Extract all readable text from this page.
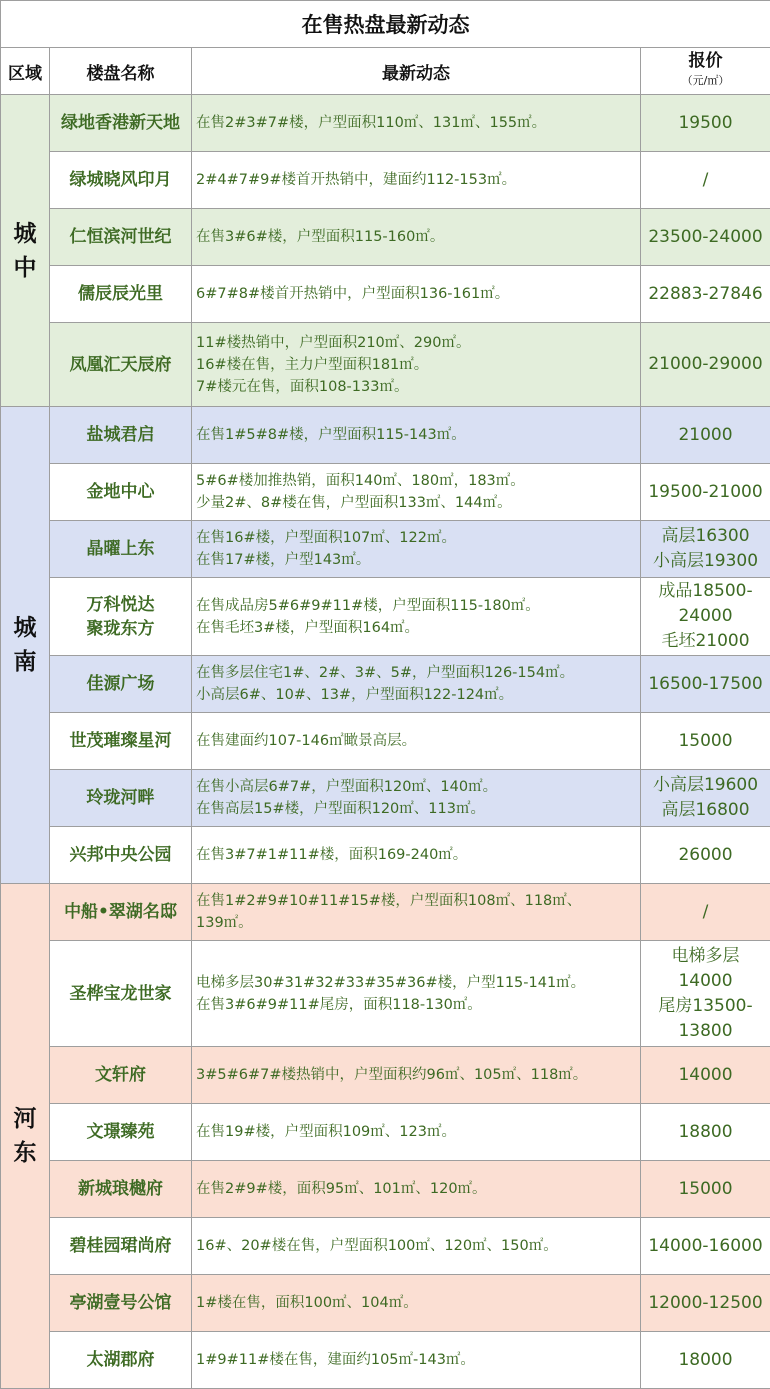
在售热盘最新动态			
区域	楼盘名称	最新动态	报价
（元/㎡）

城
中	绿地香港新天地	在售2#3#7#楼，户型面积110㎡、131㎡、155㎡。	19500

	绿城晓风印月	2#4#7#9#楼首开热销中，建面约112-153㎡。	/

	仁恒滨河世纪	在售3#6#楼，户型面积115-160㎡。	23500-24000

	儒辰辰光里	6#7#8#楼首开热销中，户型面积136-161㎡。	22883-27846

	凤凰汇天辰府	11#楼热销中，户型面积210㎡、290㎡。
16#楼在售，主力户型面积181㎡。
7#楼元在售，面积108-133㎡。	21000-29000

城
南	盐城君启	在售1#5#8#楼，户型面积115-143㎡。	21000

	金地中心	5#6#楼加推热销，面积140㎡、180㎡，183㎡。
少量2#、8#楼在售，户型面积133㎡、144㎡。	19500-21000

	晶曜上东	在售16#楼，户型面积107㎡、122㎡。
在售17#楼，户型143㎡。	高层16300
小高层19300

	万科悦达
聚珑东方	在售成品房5#6#9#11#楼，户型面积115-180㎡。
在售毛坯3#楼，户型面积164㎡。	成品18500-
24000
毛坯21000

	佳源广场	在售多层住宅1#、2#、3#、5#，户型面积126-154㎡。
小高层6#、10#、13#，户型面积122-124㎡。	16500-17500

	世茂璀璨星河	在售建面约107-146㎡瞰景高层。	15000

	玲珑河畔	在售小高层6#7#，户型面积120㎡、140㎡。
在售高层15#楼，户型面积120㎡、113㎡。	小高层19600
高层16800

	兴邦中央公园	在售3#7#1#11#楼，面积169-240㎡。	26000

河
东	中船•翠湖名邸	在售1#2#9#10#11#15#楼，户型面积108㎡、118㎡、
139㎡。	/

	圣桦宝龙世家	电梯多层30#31#32#33#35#36#楼，户型115-141㎡。
在售3#6#9#11#尾房，面积118-130㎡。	电梯多层
14000
尾房13500-
13800

	文轩府	3#5#6#7#楼热销中，户型面积约96㎡、105㎡、118㎡。	14000

	文璟臻苑	在售19#楼，户型面积109㎡、123㎡。	18800

	新城琅樾府	在售2#9#楼，面积95㎡、101㎡、120㎡。	15000

	碧桂园珺尚府	16#、20#楼在售，户型面积100㎡、120㎡、150㎡。	14000-16000

	亭湖壹号公馆	1#楼在售，面积100㎡、104㎡。	12000-12500

	太湖郡府	1#9#11#楼在售，建面约105㎡-143㎡。	18000
